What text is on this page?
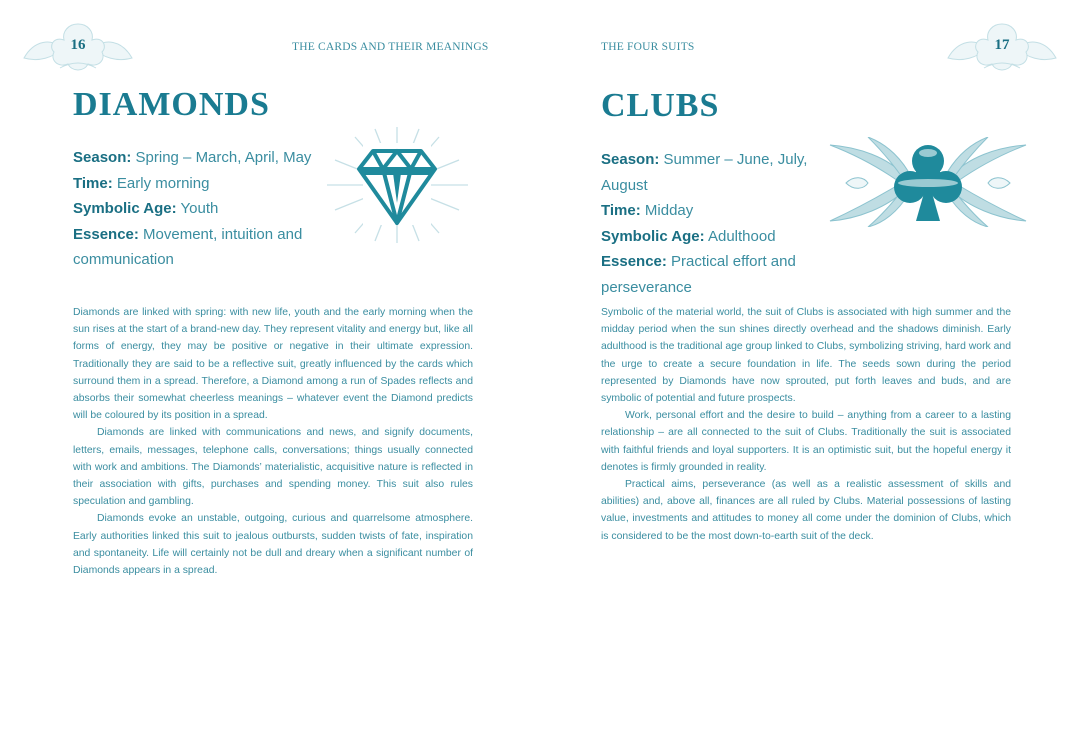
16	THE CARDS AND THEIR MEANINGS
DIAMONDS
Season: Spring – March, April, May
Time: Early morning
Symbolic Age: Youth
Essence: Movement, intuition and communication

Diamonds are linked with spring: with new life, youth and the early morning when the sun rises at the start of a brand-new day. They represent vitality and energy but, like all forms of energy, they may be positive or negative in their ultimate expression. Traditionally they are said to be a reflective suit, greatly influenced by the cards which surround them in a spread. Therefore, a Diamond among a run of Spades reflects and absorbs their somewhat cheerless meanings – whatever event the Diamond predicts will be coloured by its position in a spread.

Diamonds are linked with communications and news, and signify documents, letters, emails, messages, telephone calls, conversations; things usually connected with work and ambitions. The Diamonds’ materialistic, acquisitive nature is reflected in their association with gifts, purchases and spending money. This suit also rules speculation and gambling.

Diamonds evoke an unstable, outgoing, curious and quarrelsome atmosphere. Early authorities linked this suit to jealous outbursts, sudden twists of fate, inspiration and spontaneity. Life will certainly not be dull and dreary when a significant number of Diamonds appears in a spread.

17
THE FOUR SUITS
CLUBS
Season: Summer – June, July, August
Time: Midday
Symbolic Age: Adulthood
Essence: Practical effort and perseverance

Symbolic of the material world, the suit of Clubs is associated with high summer and the midday period when the sun shines directly overhead and the shadows diminish. Early adulthood is the traditional age group linked to Clubs, symbolizing striving, hard work and the urge to create a secure foundation in life. The seeds sown during the period represented by Diamonds have now sprouted, put forth leaves and buds, and are symbolic of potential and future prospects.

Work, personal effort and the desire to build – anything from a career to a lasting relationship – are all connected to the suit of Clubs. Traditionally the suit is associated with faithful friends and loyal supporters. It is an optimistic suit, but the hopeful energy it denotes is firmly grounded in reality.

Practical aims, perseverance (as well as a realistic assessment of skills and abilities) and, above all, finances are all ruled by Clubs. Material possessions of lasting value, investments and attitudes to money all come under the dominion of Clubs, which is considered to be the most down-to-earth suit of the deck.
